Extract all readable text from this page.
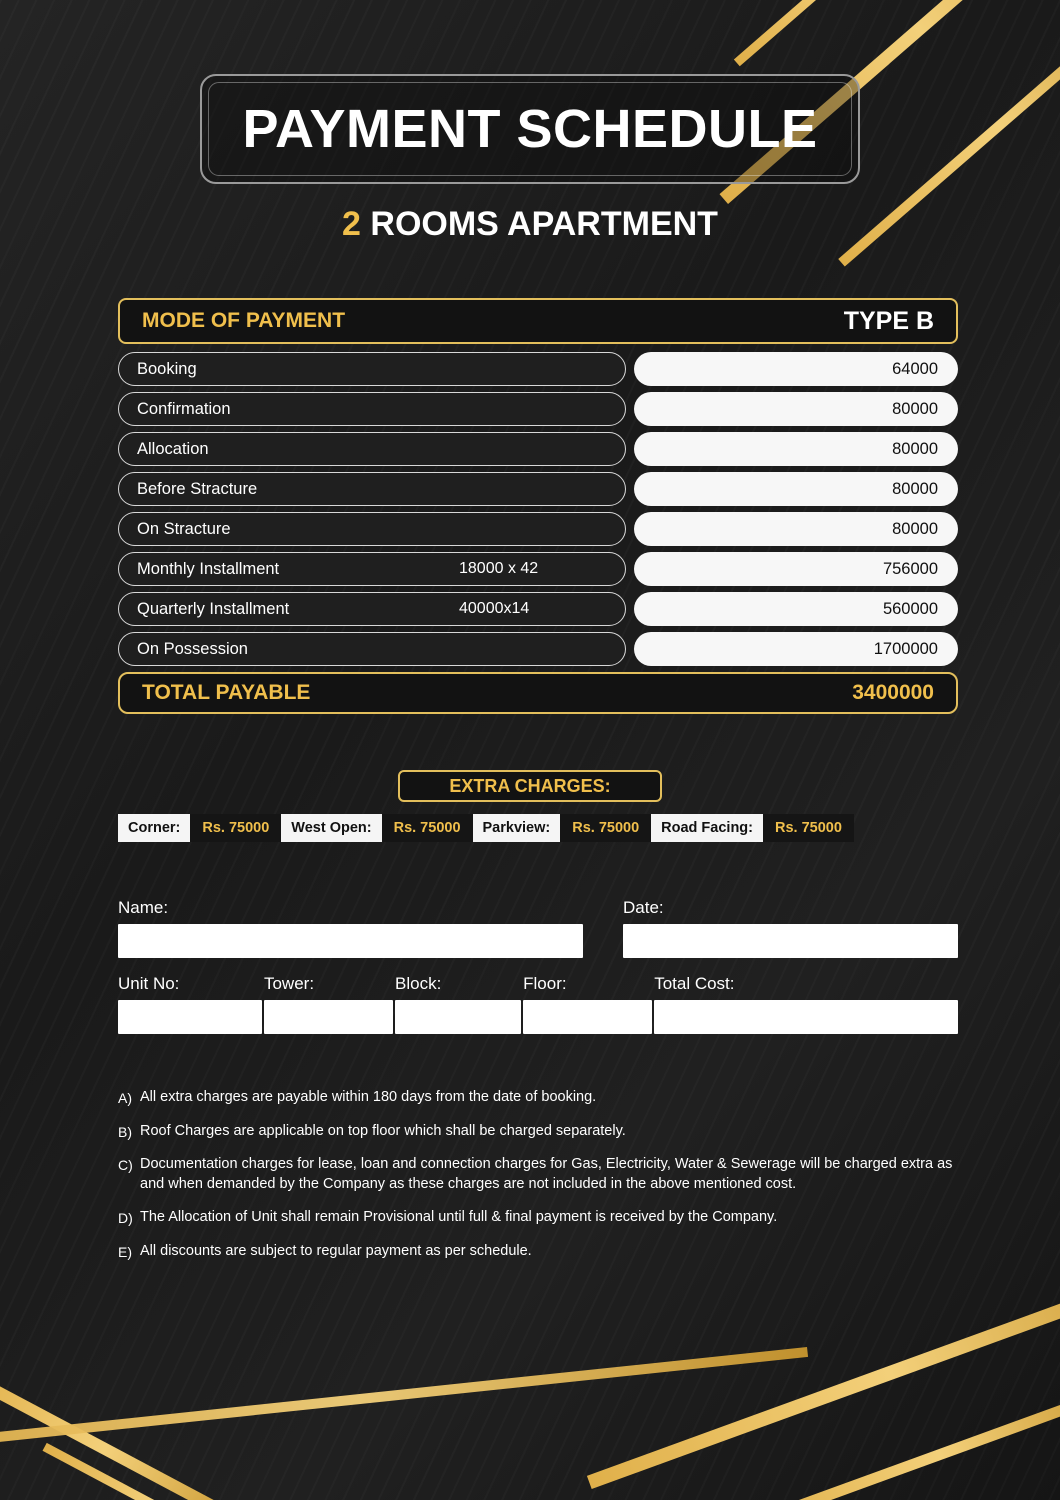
PAYMENT SCHEDULE
2 ROOMS APARTMENT
MODE OF PAYMENT	TYPE B
Booking	64000
Confirmation	80000
Allocation	80000
Before Stracture	80000
On Stracture	80000
Monthly Installment	18000 x 42	756000
Quarterly Installment	40000x14	560000
On Possession	1700000
TOTAL PAYABLE	3400000
EXTRA CHARGES:
Corner:	Rs. 75000	West Open:	Rs. 75000	Parkview:	Rs. 75000	Road Facing:	Rs. 75000
Name:	Date:
Unit No:	Tower:	Block:	Floor:	Total Cost:
A) All extra charges are payable within 180 days from the date of booking.
B) Roof Charges are applicable on top floor which shall be charged separately.
C) Documentation charges for lease, loan and connection charges for Gas, Electricity, Water & Sewerage will be charged extra as and when demanded by the Company as these charges are not included in the above mentioned cost.
D) The Allocation of Unit shall remain Provisional until full & final payment is received by the Company.
E) All discounts are subject to regular payment as per schedule.
